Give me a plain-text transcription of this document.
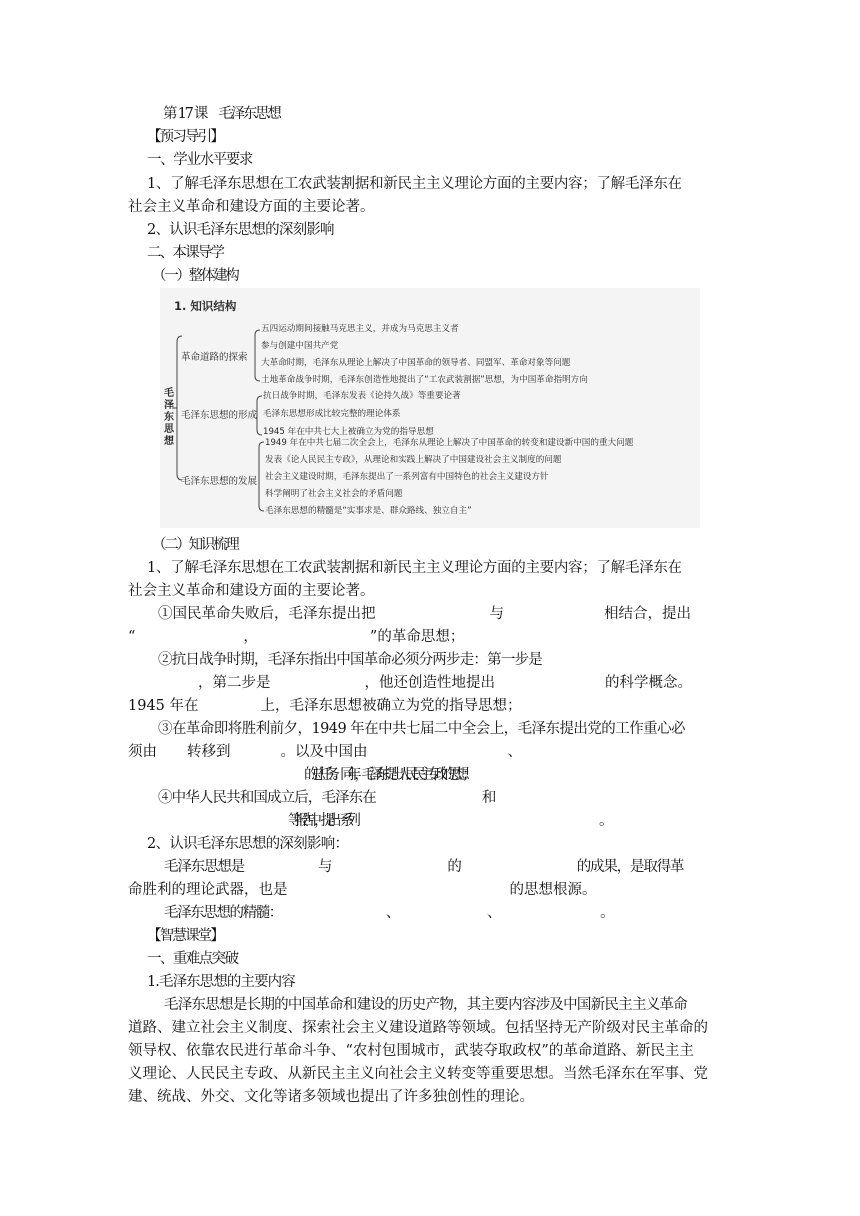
第 17 课　毛泽东思想
【预习导引】
一、学业水平要求
1、了解毛泽东思想在工农武装割据和新民主主义理论方面的主要内容；了解毛泽东在
社会主义革命和建设方面的主要论著。
2、认识毛泽东思想的深刻影响
二、本课导学
（一）整体建构
1. 知识结构
毛泽东思想
革命道路的探索
五四运动期间接触马克思主义，并成为马克思主义者
参与创建中国共产党
大革命时期，毛泽东从理论上解决了中国革命的领导者、同盟军、革命对象等问题
土地革命战争时期，毛泽东创造性地提出了“工农武装割据”思想，为中国革命指明方向
毛泽东思想的形成
抗日战争时期，毛泽东发表《论持久战》等重要论著
毛泽东思想形成比较完整的理论体系
1945 年在中共七大上被确立为党的指导思想
毛泽东思想的发展
1949 年在中共七届二次全会上，毛泽东从理论上解决了中国革命的转变和建设新中国的重大问题
发表《论人民民主专政》，从理论和实践上解决了中国建设社会主义制度的问题
社会主义建设时期，毛泽东提出了一系列富有中国特色的社会主义建设方针
科学阐明了社会主义社会的矛盾问题
毛泽东思想的精髓是“实事求是、群众路线、独立自主”
（二）知识梳理
1、了解毛泽东思想在工农武装割据和新民主主义理论方面的主要内容；了解毛泽东在
社会主义革命和建设方面的主要论著。
①国民革命失败后，毛泽东提出把	与	相结合，提出
“	，	”的革命思想；
②抗日战争时期，毛泽东指出中国革命必须分两步走：第一步是
，第二步是	，他还创造性地提出	的科学概念。
1945 年在	上，毛泽东思想被确立为党的指导思想；
③在革命即将胜利前夕，1949 年在中共七届二中全会上，毛泽东提出党的工作重心必
须由 转移到	。以及中国由	、
的总任务。同年，毛泽东提出人民民主专政的思想；
④中华人民共和国成立后，毛泽东在	和
等报告中，提出一系列	。
2、认识毛泽东思想的深刻影响：
毛泽东思想是	与	的	的成果，是取得革
命胜利的理论武器，也是	的思想根源。
毛泽东思想的精髓：	、	、	。
【智慧课堂】
一、重难点突破
1.毛泽东思想的主要内容
毛泽东思想是长期的中国革命和建设的历史产物，其主要内容涉及中国新民主主义革命
道路、建立社会主义制度、探索社会主义建设道路等领域。包括坚持无产阶级对民主革命的
领导权、依靠农民进行革命斗争、“农村包围城市，武装夺取政权”的革命道路、新民主主
义理论、人民民主专政、从新民主主义向社会主义转变等重要思想。当然毛泽东在军事、党
建、统战、外交、文化等诸多领域也提出了许多独创性的理论。
